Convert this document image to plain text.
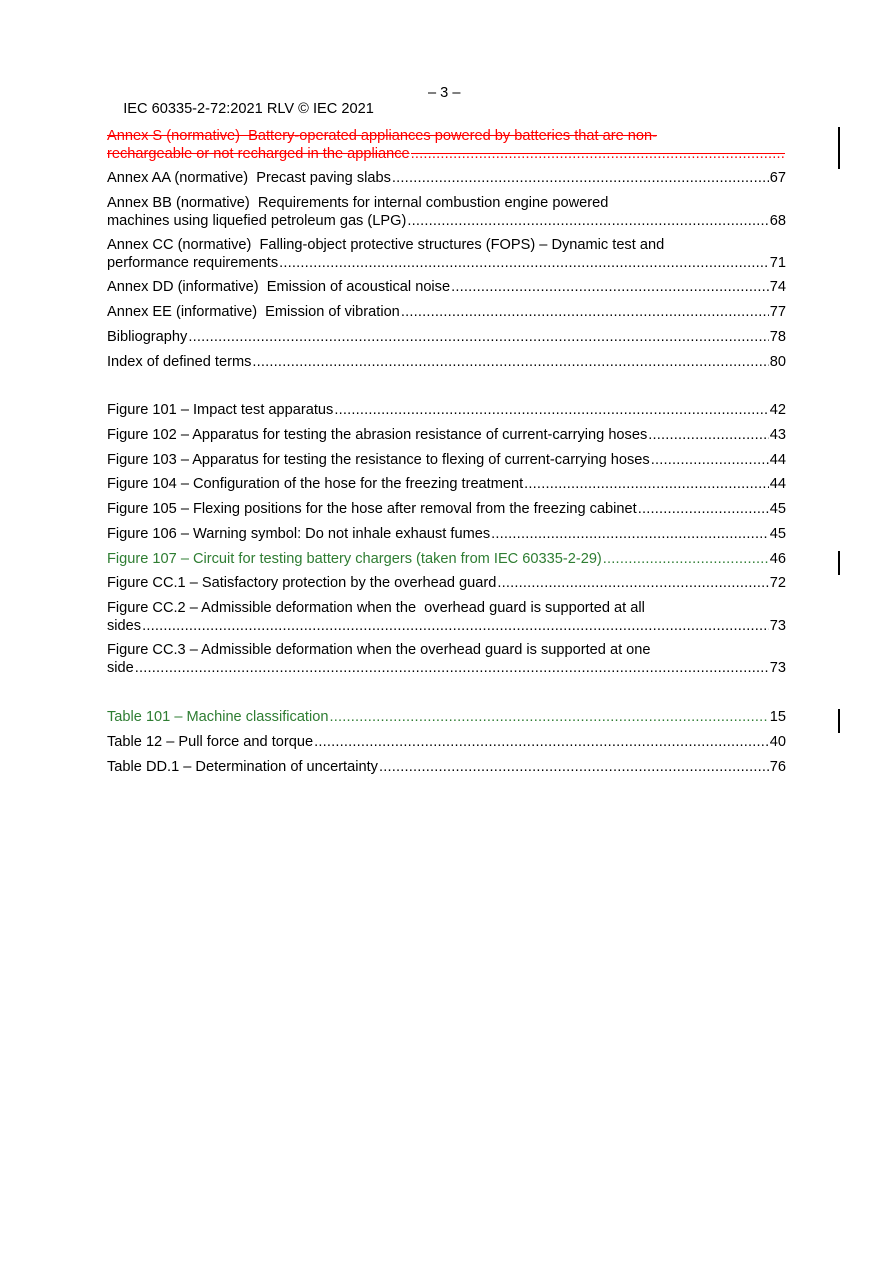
IEC 60335-2-72:2021 RLV © IEC 2021

– 3 –

Annex S (normative)  Battery-operated appliances powered by batteries that are non-
rechargeable or not recharged in the appliance
.....
Annex AA (normative)  Precast paving slabs .....	67
Annex BB (normative)  Requirements for internal combustion engine powered
machines using liquefied petroleum gas (LPG) .....	68
Annex CC (normative)  Falling-object protective structures (FOPS) – Dynamic test and
performance requirements .....	71
Annex DD (informative)  Emission of acoustical noise .....	74
Annex EE (informative)  Emission of vibration .....	77
Bibliography .....	78
Index of defined terms .....	80
Figure 101 – Impact test apparatus .....	42
Figure 102 – Apparatus for testing the abrasion resistance of current-carrying hoses .....	43
Figure 103 – Apparatus for testing the resistance to flexing of current-carrying hoses .....	44
Figure 104 – Configuration of the hose for the freezing treatment .....	44
Figure 105 – Flexing positions for the hose after removal from the freezing cabinet .....	45
Figure 106 – Warning symbol: Do not inhale exhaust fumes .....	45
Figure 107 – Circuit for testing battery chargers (taken from IEC 60335-2-29) .....	46
Figure CC.1 – Satisfactory protection by the overhead guard .....	72
Figure CC.2 – Admissible deformation when the  overhead guard is supported at all
sides .....	73
Figure CC.3 – Admissible deformation when the overhead guard is supported at one
side .....	73
Table 101 – Machine classification .....	15
Table 12 – Pull force and torque .....	40
Table DD.1 – Determination of uncertainty .....	76
